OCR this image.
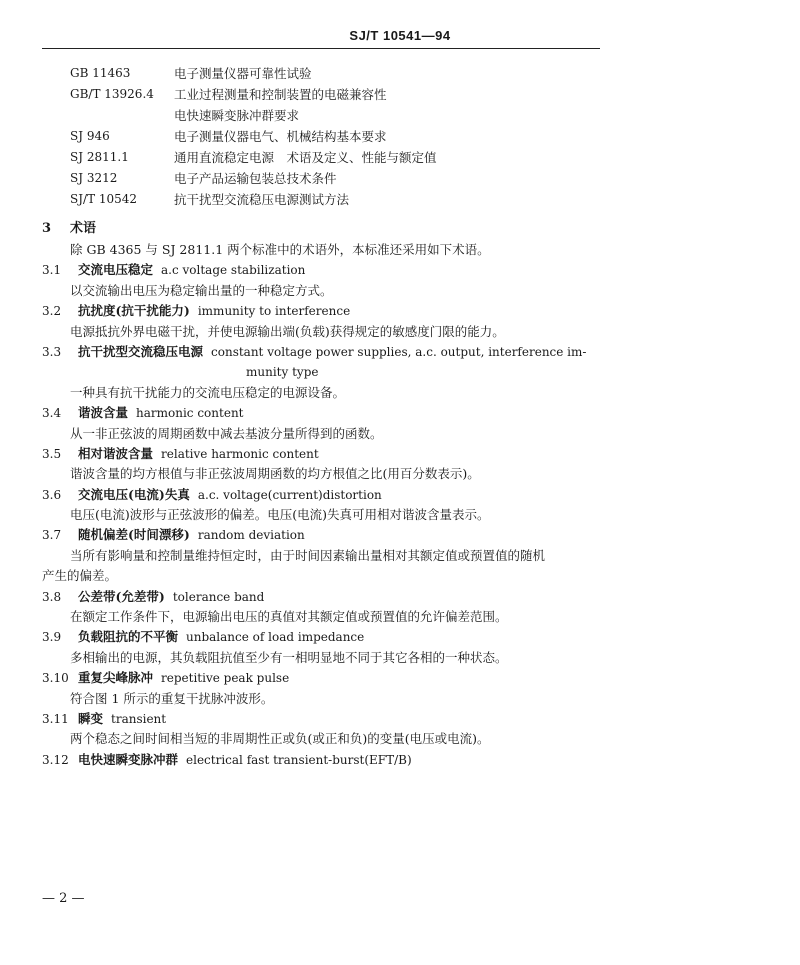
SJ/T 10541—94
GB 11463	电子测量仪器可靠性试验
GB/T 13926.4 工业过程测量和控制装置的电磁兼容性
电快速瞬变脉冲群要求
SJ 946	电子测量仪器电气、机械结构基本要求
SJ 2811.1	通用直流稳定电源　术语及定义、性能与额定值
SJ 3212	电子产品运输包装总技术条件
SJ/T 10542	抗干扰型交流稳压电源测试方法
3 术语
除 GB 4365 与 SJ 2811.1 两个标准中的术语外，本标准还采用如下术语。
3.1 交流电压稳定 a.c voltage stabilization
以交流输出电压为稳定输出量的一种稳定方式。
3.2 抗扰度(抗干扰能力) immunity to interference
电源抵抗外界电磁干扰，并使电源输出端(负载)获得规定的敏感度门限的能力。
3.3 抗干扰型交流稳压电源 constant voltage power supplies, a.c. output, interference im-
munity type
一种具有抗干扰能力的交流电压稳定的电源设备。
3.4 谐波含量 harmonic content
从一非正弦波的周期函数中减去基波分量所得到的函数。
3.5 相对谐波含量 relative harmonic content
谐波含量的均方根值与非正弦波周期函数的均方根值之比(用百分数表示)。
3.6 交流电压(电流)失真 a.c. voltage(current)distortion
电压(电流)波形与正弦波形的偏差。电压(电流)失真可用相对谐波含量表示。
3.7 随机偏差(时间漂移) random deviation
当所有影响量和控制量维持恒定时，由于时间因素输出量相对其额定值或预置值的随机
产生的偏差。
3.8 公差带(允差带) tolerance band
在额定工作条件下，电源输出电压的真值对其额定值或预置值的允许偏差范围。
3.9 负载阻抗的不平衡 unbalance of load impedance
多相输出的电源，其负载阻抗值至少有一相明显地不同于其它各相的一种状态。
3.10 重复尖峰脉冲 repetitive peak pulse
符合图 1 所示的重复干扰脉冲波形。
3.11 瞬变 transient
两个稳态之间时间相当短的非周期性正或负(或正和负)的变量(电压或电流)。
3.12 电快速瞬变脉冲群 electrical fast transient-burst(EFT/B)
— 2 —
